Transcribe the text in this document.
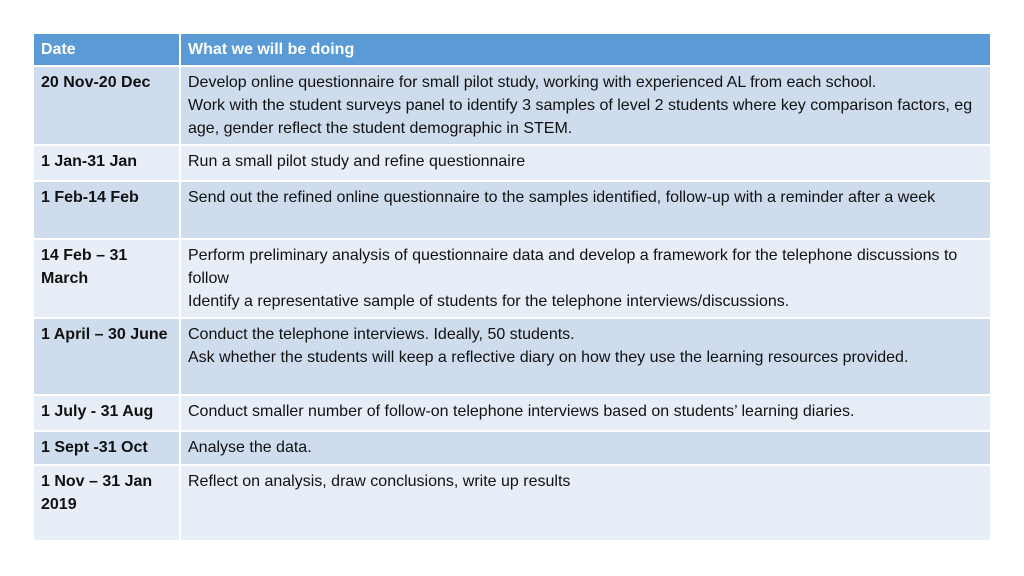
Date	What we will be doing
20 Nov-20 Dec	Develop online questionnaire for small pilot study, working with experienced AL from each school.
Work with the student surveys panel to identify 3 samples of level 2 students where key comparison factors, eg age, gender reflect the student demographic in STEM.

1 Jan-31 Jan	Run a small pilot study and refine questionnaire

1 Feb-14 Feb	Send out the refined online questionnaire to the samples identified, follow-up with a reminder after a week

14 Feb – 31 March	Perform preliminary analysis of questionnaire data and develop a framework for the telephone discussions to follow
Identify a representative sample of students for the telephone interviews/discussions.

1 April – 30 June	Conduct the telephone interviews. Ideally, 50 students.
Ask whether the students will keep a reflective diary on how they use the learning resources provided.

1 July - 31 Aug	Conduct smaller number of follow-on telephone interviews based on students’ learning diaries.

1 Sept -31 Oct	Analyse the data.

1 Nov – 31 Jan 2019	Reflect on analysis, draw conclusions, write up results
